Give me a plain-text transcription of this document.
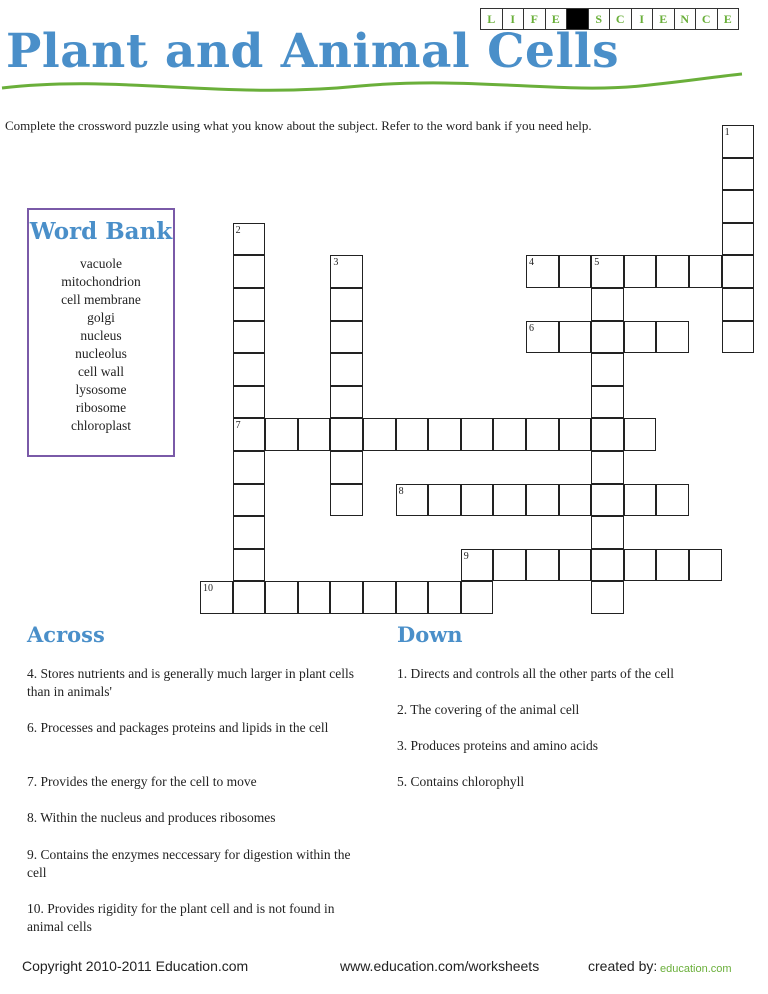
L	I	F	E	S	C	I	E	N	C	E
Plant and Animal Cells
Complete the crossword puzzle using what you know about the subject. Refer to the word bank if you need help.
Word Bank
vacuole
mitochondrion
cell membrane
golgi
nucleus
nucleolus
cell wall
lysosome
ribosome
chloroplast
1
2
7
3	5
4
6
8
9
10
Across
4. Stores nutrients and is generally much larger in plant cells than in animals'
6. Processes and packages proteins and lipids in the cell
7. Provides the energy for the cell to move
8. Within the nucleus and produces ribosomes
9. Contains the enzymes neccessary for digestion within the cell
10. Provides rigidity for the plant cell and is not found in animal cells
Down
1. Directs and controls all the other parts of the cell
2. The covering of the animal cell
3. Produces proteins and amino acids
5. Contains chlorophyll
Copyright 2010-2011 Education.com	www.education.com/worksheets	created by: education.com
